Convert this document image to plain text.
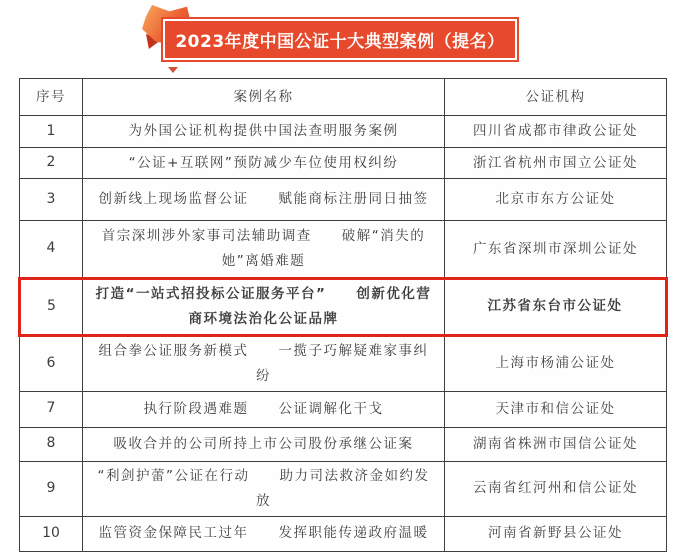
2023年度中国公证十大典型案例（提名）
序号	案例名称	公证机构
1	为外国公证机构提供中国法查明服务案例	四川省成都市律政公证处
2	“公证+互联网”预防减少车位使用权纠纷	浙江省杭州市国立公证处
3	创新线上现场监督公证　　赋能商标注册同日抽签	北京市东方公证处
4	首宗深圳涉外家事司法辅助调查　　破解“消失的她”离婚难题	广东省深圳市深圳公证处
5	打造“一站式招投标公证服务平台”　　创新优化营商环境法治化公证品牌	江苏省东台市公证处
6	组合拳公证服务新模式　　一揽子巧解疑难家事纠纷	上海市杨浦公证处
7	执行阶段遇难题　　公证调解化干戈	天津市和信公证处
8	吸收合并的公司所持上市公司股份承继公证案	湖南省株洲市国信公证处
9	“利剑护蕾”公证在行动　　助力司法救济金如约发放	云南省红河州和信公证处
10	监管资金保障民工过年　　发挥职能传递政府温暖	河南省新野县公证处
